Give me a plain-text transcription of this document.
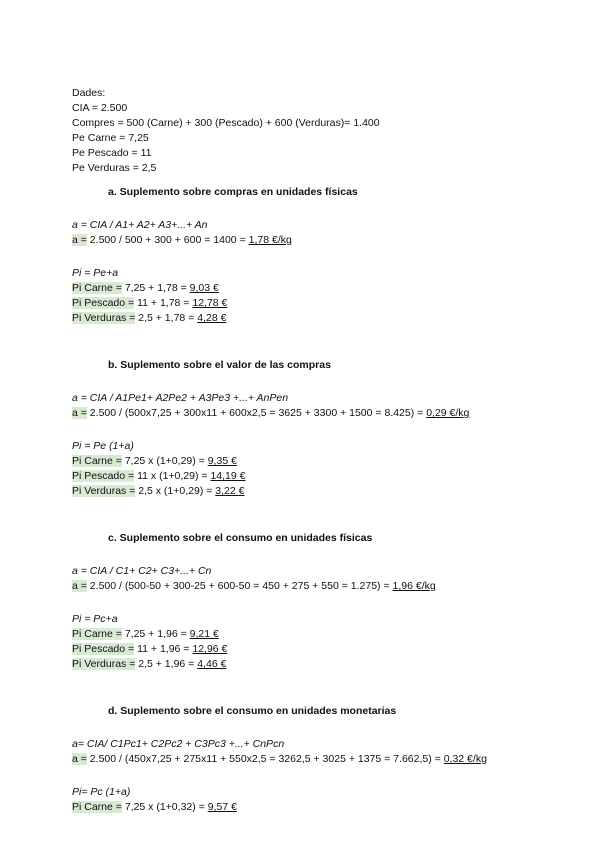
Dades:
CIA = 2.500
Compres = 500 (Carne) + 300 (Pescado) + 600 (Verduras)= 1.400
Pe Carne = 7,25
Pe Pescado = 11
Pe Verduras = 2,5
a. Suplemento sobre compras en unidades físicas
a = CIA / A1+ A2+ A3+...+ An
a = 2.500 / 500 + 300 + 600 = 1400 = 1,78 €/kg
Pi = Pe+a
Pi Carne = 7,25 + 1,78 = 9,03 €
Pi Pescado = 11 + 1,78 = 12,78 €
Pi Verduras = 2,5 + 1,78 = 4,28 €
b. Suplemento sobre el valor de las compras
a = CIA / A1Pe1+ A2Pe2 + A3Pe3 +...+ AnPen
a = 2.500 / (500x7,25 + 300x11 + 600x2,5 = 3625 + 3300 + 1500 = 8.425) = 0,29 €/kg
Pi = Pe (1+a)
Pi Carne = 7,25 x (1+0,29) = 9,35 €
Pi Pescado = 11 x (1+0,29) = 14,19 €
Pi Verduras = 2,5 x (1+0,29) = 3,22 €
c. Suplemento sobre el consumo en unidades físicas
a = CIA / C1+ C2+ C3+...+ Cn
a = 2.500 / (500-50 + 300-25 + 600-50 = 450 + 275 + 550 = 1.275) = 1,96 €/kg
Pi = Pc+a
Pi Carne = 7,25 + 1,96 = 9,21 €
Pi Pescado = 11 + 1,96 = 12,96 €
Pi Verduras = 2,5 + 1,96 = 4,46 €
d. Suplemento sobre el consumo en unidades monetarias
a= CIA/ C1Pc1+ C2Pc2 + C3Pc3 +...+ CnPcn
a = 2.500 / (450x7,25 + 275x11 + 550x2,5 = 3262,5 + 3025 + 1375 = 7.662,5) = 0,32 €/kg
Pi= Pc (1+a)
Pi Carne = 7,25 x (1+0,32) = 9,57 €
